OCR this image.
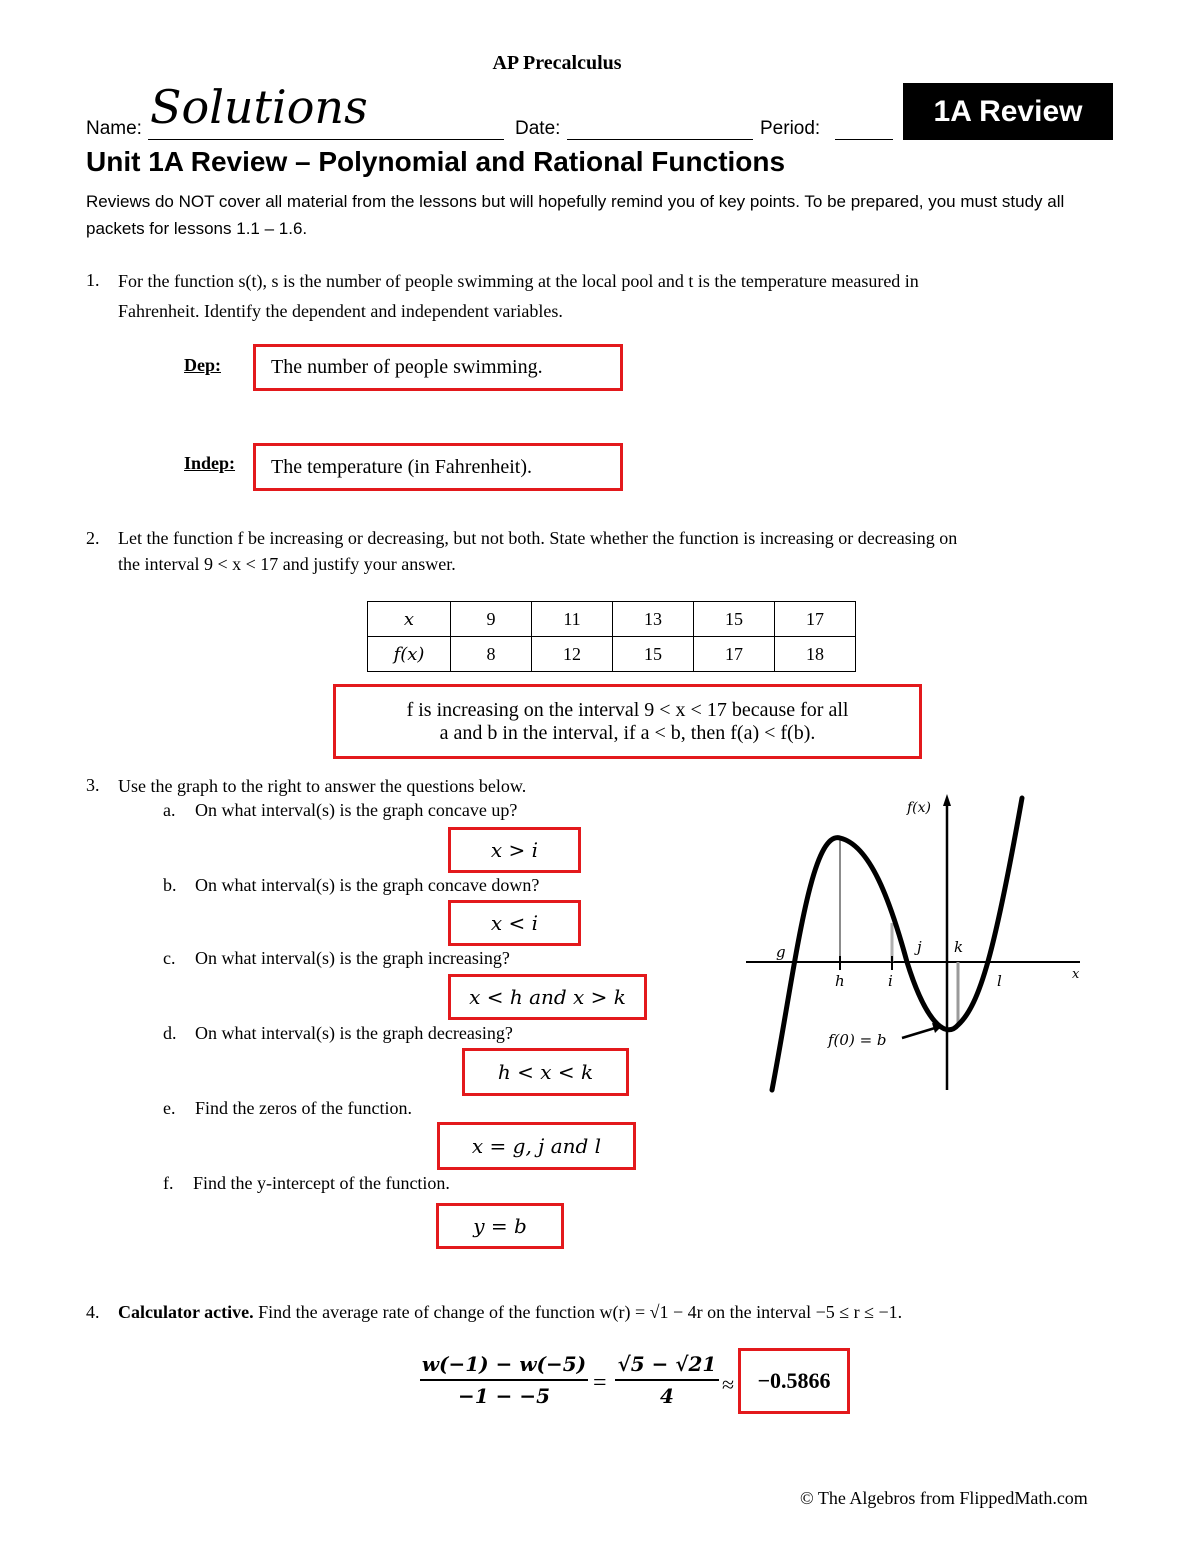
AP Precalculus
Name: Solutions	Date:	Period:
1A Review
Unit 1A Review – Polynomial and Rational Functions
Reviews do NOT cover all material from the lessons but will hopefully remind you of key points. To be prepared, you must study all packets for lessons 1.1 – 1.6.
1. For the function s(t), s is the number of people swimming at the local pool and t is the temperature measured in
Fahrenheit. Identify the dependent and independent variables.
Dep:	The number of people swimming.
Indep: The temperature (in Fahrenheit).
2. Let the function f be increasing or decreasing, but not both. State whether the function is increasing or decreasing on
the interval 9 < x < 17 and justify your answer.
x	9	11	13	15	17
f(x)	8	12	15	17	18
f is increasing on the interval 9 < x < 17 because for all
a and b in the interval, if a < b, then f(a) < f(b).
3. Use the graph to the right to answer the questions below.
a. On what interval(s) is the graph concave up?
x > i
b. On what interval(s) is the graph concave down?
x < i
c. On what interval(s) is the graph increasing?
x < h and x > k
d. On what interval(s) is the graph decreasing?
h < x < k
e. Find the zeros of the function.
x = g, j and l
f. Find the y-intercept of the function.
y = b
f(x)
x
g
h	i
j k
l
f(0) = b
4. Calculator active. Find the average rate of change of the function w(r) = √1 − 4r on the interval −5 ≤ r ≤ −1.
$\frac{w(-1) - w(-5)}{-1 - -5} = \frac{√5 - √21}{4} \approx -0.5866$
© The Algebros from FlippedMath.com
